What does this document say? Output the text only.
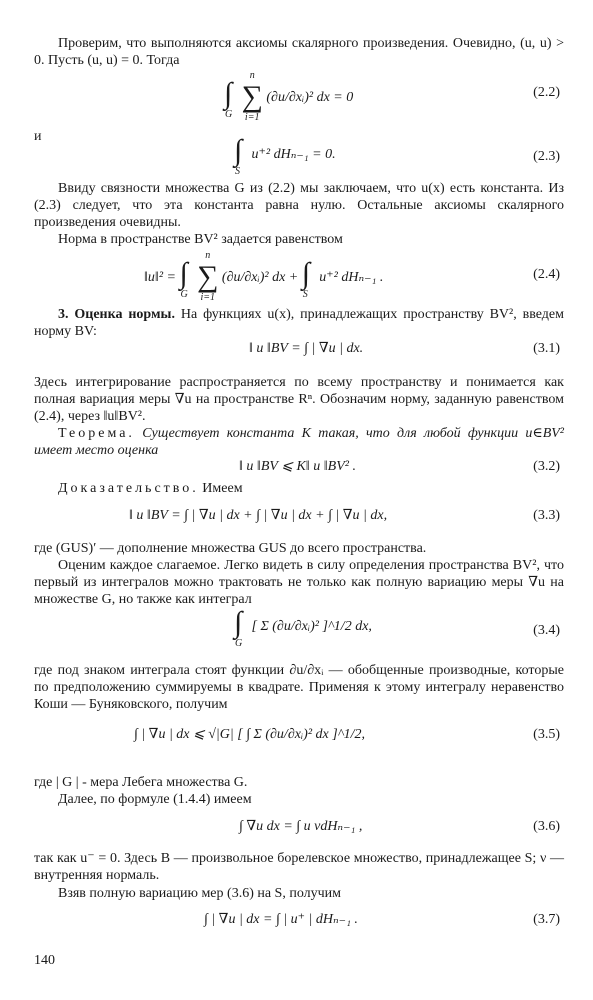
Проверим, что выполняются аксиомы скалярного произведения. Очевидно, (u, u) > 0. Пусть (u, u) = 0. Тогда
∫
G

n
∑
i=1
(∂u/∂xᵢ)² dx = 0	(2.2)
и	∫
S
u⁺² dHₙ₋₁ = 0.	(2.3)
Ввиду связности множества G из (2.2) мы заключаем, что u(x) есть константа. Из (2.3) следует, что эта константа равна нулю. Остальные аксиомы скалярного произведения очевидны.
Норма в пространстве BV² задается равенством
‖u‖² = ∫
G

n
∑
i=1
(∂u/∂xᵢ)² dx + ∫
S
u⁺² dHₙ₋₁ .	(2.4)
3. Оценка нормы. На функциях u(x), принадлежащих пространству BV², введем норму BV:
‖ u ‖BV = ∫ | ∇u | dx.	(3.1)
Здесь интегрирование распространяется по всему пространству и понимается как полная вариация меры ∇u на пространстве Rⁿ. Обозначим норму, заданную равенством (2.4), через ‖u‖BV².
Теорема. Существует константа K такая, что для любой функции u∈BV² имеет место оценка
‖ u ‖BV ⩽ K‖ u ‖BV² .	(3.2)
Доказательство. Имеем
‖ u ‖BV = ∫ | ∇u | dx + ∫ | ∇u | dx + ∫ | ∇u | dx,	(3.3)
где (GUS)′ — дополнение множества GUS до всего пространства.
Оценим каждое слагаемое. Легко видеть в силу определения пространства BV², что первый из интегралов можно трактовать не только как полную вариацию меры ∇u на множестве G, но также как интеграл
∫
G
[ Σ (∂u/∂xᵢ)² ]^1/2 dx,	(3.4)
где под знаком интеграла стоят функции ∂u/∂xᵢ — обобщенные производные, которые по предположению суммируемы в квадрате. Применяя к этому интегралу неравенство Коши — Буняковского, получим
∫ | ∇u | dx ⩽ √|G| [ ∫ Σ (∂u/∂xᵢ)² dx ]^1/2,	(3.5)
где | G | - мера Лебега множества G.
Далее, по формуле (1.4.4) имеем
∫ ∇u dx = ∫ u νdHₙ₋₁ ,	(3.6)
так как u⁻ = 0. Здесь B — произвольное борелевское множество, принадлежащее S; ν — внутренняя нормаль.
Взяв полную вариацию мер (3.6) на S, получим
∫ | ∇u | dx = ∫ | u⁺ | dHₙ₋₁ .	(3.7)
140
